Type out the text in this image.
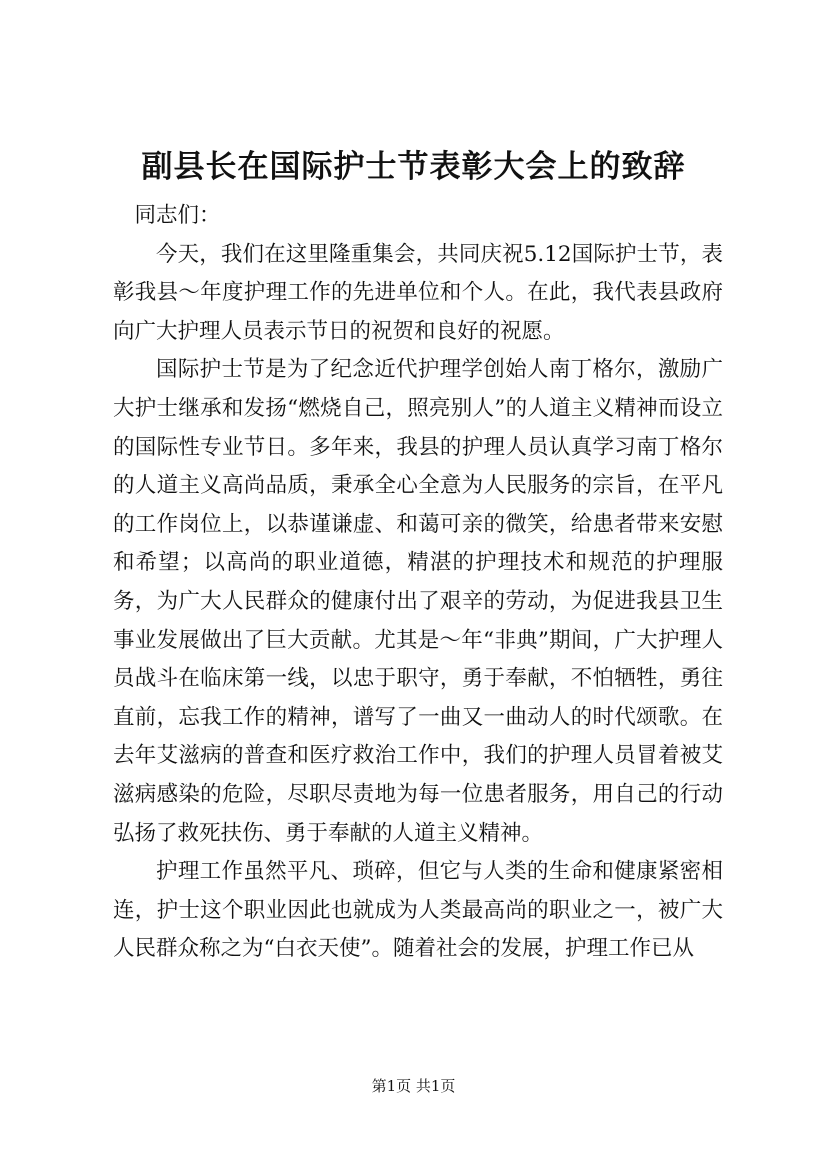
副县长在国际护士节表彰大会上的致辞

同志们：

今天，我们在这里隆重集会，共同庆祝5.12国际护士节，表彰我县～年度护理工作的先进单位和个人。在此，我代表县政府向广大护理人员表示节日的祝贺和良好的祝愿。

国际护士节是为了纪念近代护理学创始人南丁格尔，激励广大护士继承和发扬“燃烧自己，照亮别人”的人道主义精神而设立的国际性专业节日。多年来，我县的护理人员认真学习南丁格尔的人道主义高尚品质，秉承全心全意为人民服务的宗旨，在平凡的工作岗位上，以恭谨谦虚、和蔼可亲的微笑，给患者带来安慰和希望；以高尚的职业道德，精湛的护理技术和规范的护理服务，为广大人民群众的健康付出了艰辛的劳动，为促进我县卫生事业发展做出了巨大贡献。尤其是～年“非典”期间，广大护理人员战斗在临床第一线，以忠于职守，勇于奉献，不怕牺牲，勇往直前，忘我工作的精神，谱写了一曲又一曲动人的时代颂歌。在去年艾滋病的普查和医疗救治工作中，我们的护理人员冒着被艾滋病感染的危险，尽职尽责地为每一位患者服务，用自己的行动弘扬了救死扶伤、勇于奉献的人道主义精神。

护理工作虽然平凡、琐碎，但它与人类的生命和健康紧密相连，护士这个职业因此也就成为人类最高尚的职业之一，被广大人民群众称之为“白衣天使”。随着社会的发展，护理工作已从

第1页 共1页
